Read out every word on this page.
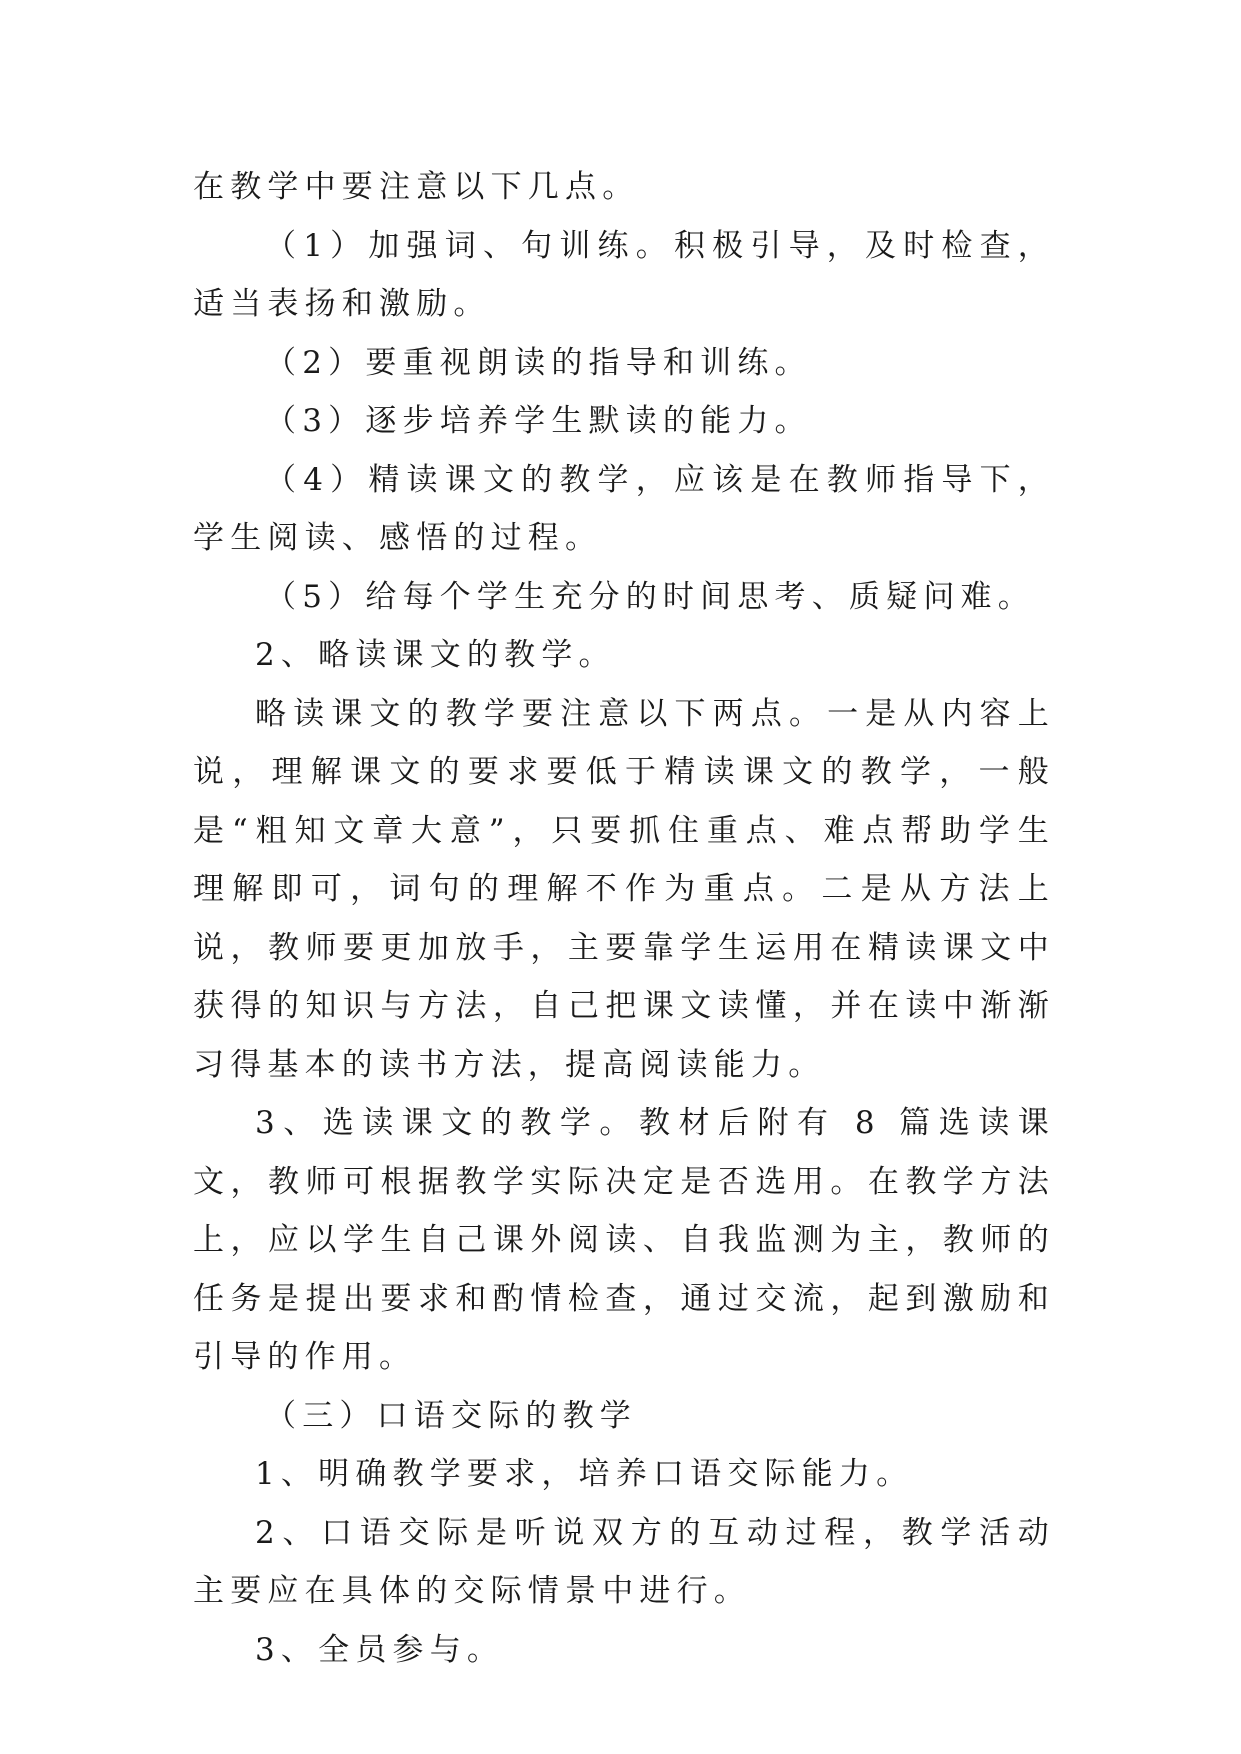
在教学中要注意以下几点。

（1）加强词、句训练。积极引导，及时检查，适当表扬和激励。

（2）要重视朗读的指导和训练。

（3）逐步培养学生默读的能力。

（4）精读课文的教学，应该是在教师指导下，学生阅读、感悟的过程。

（5）给每个学生充分的时间思考、质疑问难。

2、略读课文的教学。

略读课文的教学要注意以下两点。一是从内容上说，理解课文的要求要低于精读课文的教学，一般是“粗知文章大意”，只要抓住重点、难点帮助学生理解即可，词句的理解不作为重点。二是从方法上说，教师要更加放手，主要靠学生运用在精读课文中获得的知识与方法，自己把课文读懂，并在读中渐渐习得基本的读书方法，提高阅读能力。

3、选读课文的教学。教材后附有 8 篇选读课文，教师可根据教学实际决定是否选用。在教学方法上，应以学生自己课外阅读、自我监测为主，教师的任务是提出要求和酌情检查，通过交流，起到激励和引导的作用。

（三）口语交际的教学

1、明确教学要求，培养口语交际能力。

2、口语交际是听说双方的互动过程，教学活动主要应在具体的交际情景中进行。

3、全员参与。
